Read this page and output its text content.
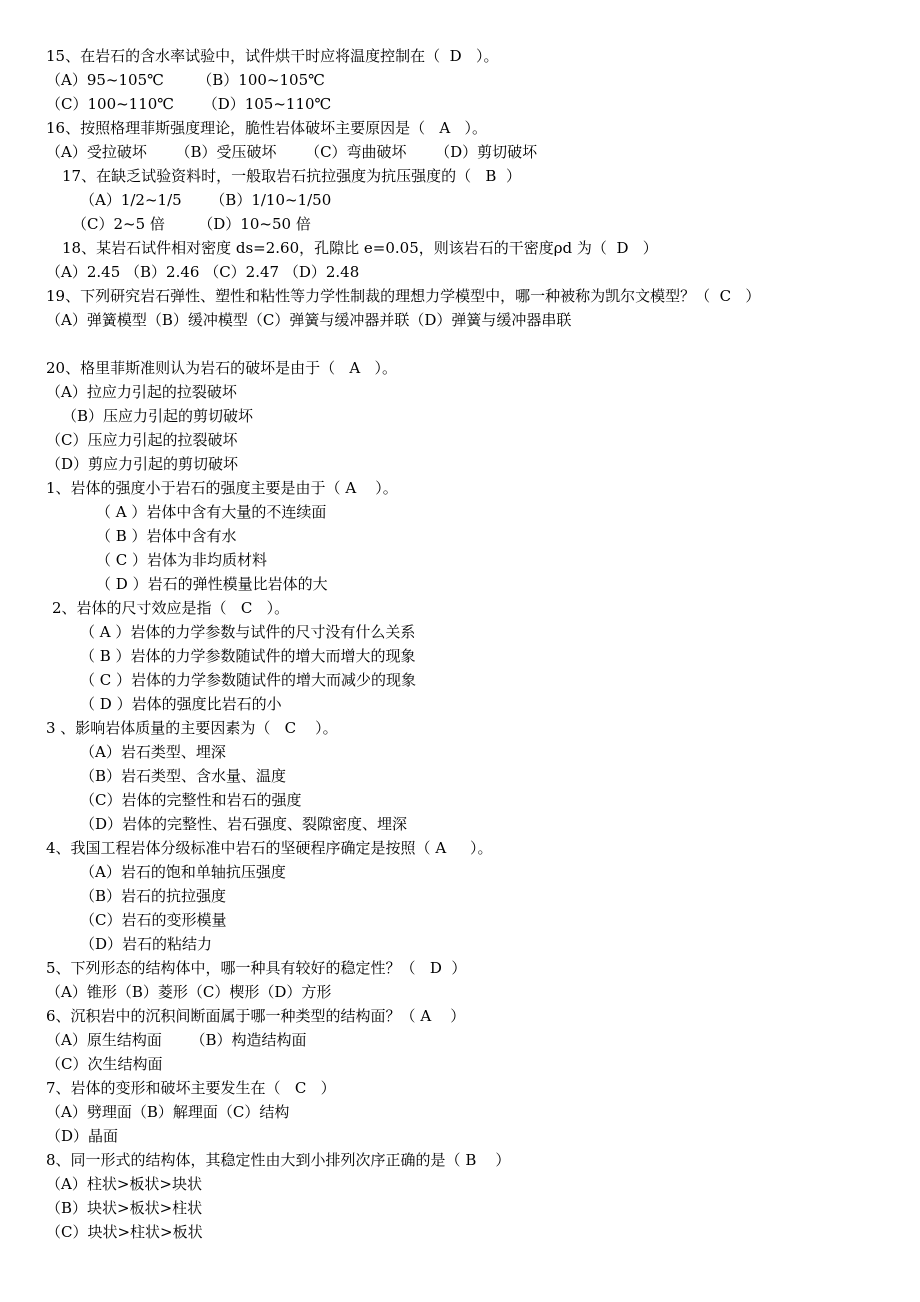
15、在岩石的含水率试验中，试件烘干时应将温度控制在（  D   ）。
（A）95~105℃       （B）100~105℃
（C）100~110℃      （D）105~110℃
16、按照格理菲斯强度理论，脆性岩体破坏主要原因是（   A   ）。
（A）受拉破坏      （B）受压破坏      （C）弯曲破坏      （D）剪切破坏
17、在缺乏试验资料时，一般取岩石抗拉强度为抗压强度的（   B  ）
（A）1/2~1/5      （B）1/10~1/50
（C）2~5 倍       （D）10~50 倍
18、某岩石试件相对密度 ds=2.60，孔隙比 e=0.05，则该岩石的干密度ρd 为（  D   ）
（A）2.45 （B）2.46 （C）2.47 （D）2.48
19、下列研究岩石弹性、塑性和粘性等力学性制裁的理想力学模型中，哪一种被称为凯尔文模型？（  C   ）
（A）弹簧模型（B）缓冲模型（C）弹簧与缓冲器并联（D）弹簧与缓冲器串联
20、格里菲斯准则认为岩石的破坏是由于（   A   ）。
（A）拉应力引起的拉裂破坏
（B）压应力引起的剪切破坏
（C）压应力引起的拉裂破坏
（D）剪应力引起的剪切破坏
1、岩体的强度小于岩石的强度主要是由于（ A    ）。
（ A ）岩体中含有大量的不连续面
（ B ）岩体中含有水
（ C ）岩体为非均质材料
（ D ）岩石的弹性模量比岩体的大
2、岩体的尺寸效应是指（   C   ）。
（ A ）岩体的力学参数与试件的尺寸没有什么关系
（ B ）岩体的力学参数随试件的增大而增大的现象
（ C ）岩体的力学参数随试件的增大而减少的现象
（ D ）岩体的强度比岩石的小
3 、影响岩体质量的主要因素为（   C    ）。
（A）岩石类型、埋深
（B）岩石类型、含水量、温度
（C）岩体的完整性和岩石的强度
（D）岩体的完整性、岩石强度、裂隙密度、埋深
4、我国工程岩体分级标准中岩石的坚硬程序确定是按照（ A     ）。
（A）岩石的饱和单轴抗压强度
（B）岩石的抗拉强度
（C）岩石的变形模量
（D）岩石的粘结力
5、下列形态的结构体中，哪一种具有较好的稳定性？（   D  ）
（A）锥形（B）菱形（C）楔形（D）方形
6、沉积岩中的沉积间断面属于哪一种类型的结构面？（ A    ）
（A）原生结构面      （B）构造结构面
（C）次生结构面
7、岩体的变形和破坏主要发生在（   C   ）
（A）劈理面（B）解理面（C）结构
（D）晶面
8、同一形式的结构体，其稳定性由大到小排列次序正确的是（ B    ）
（A）柱状>板状>块状
（B）块状>板状>柱状
（C）块状>柱状>板状
